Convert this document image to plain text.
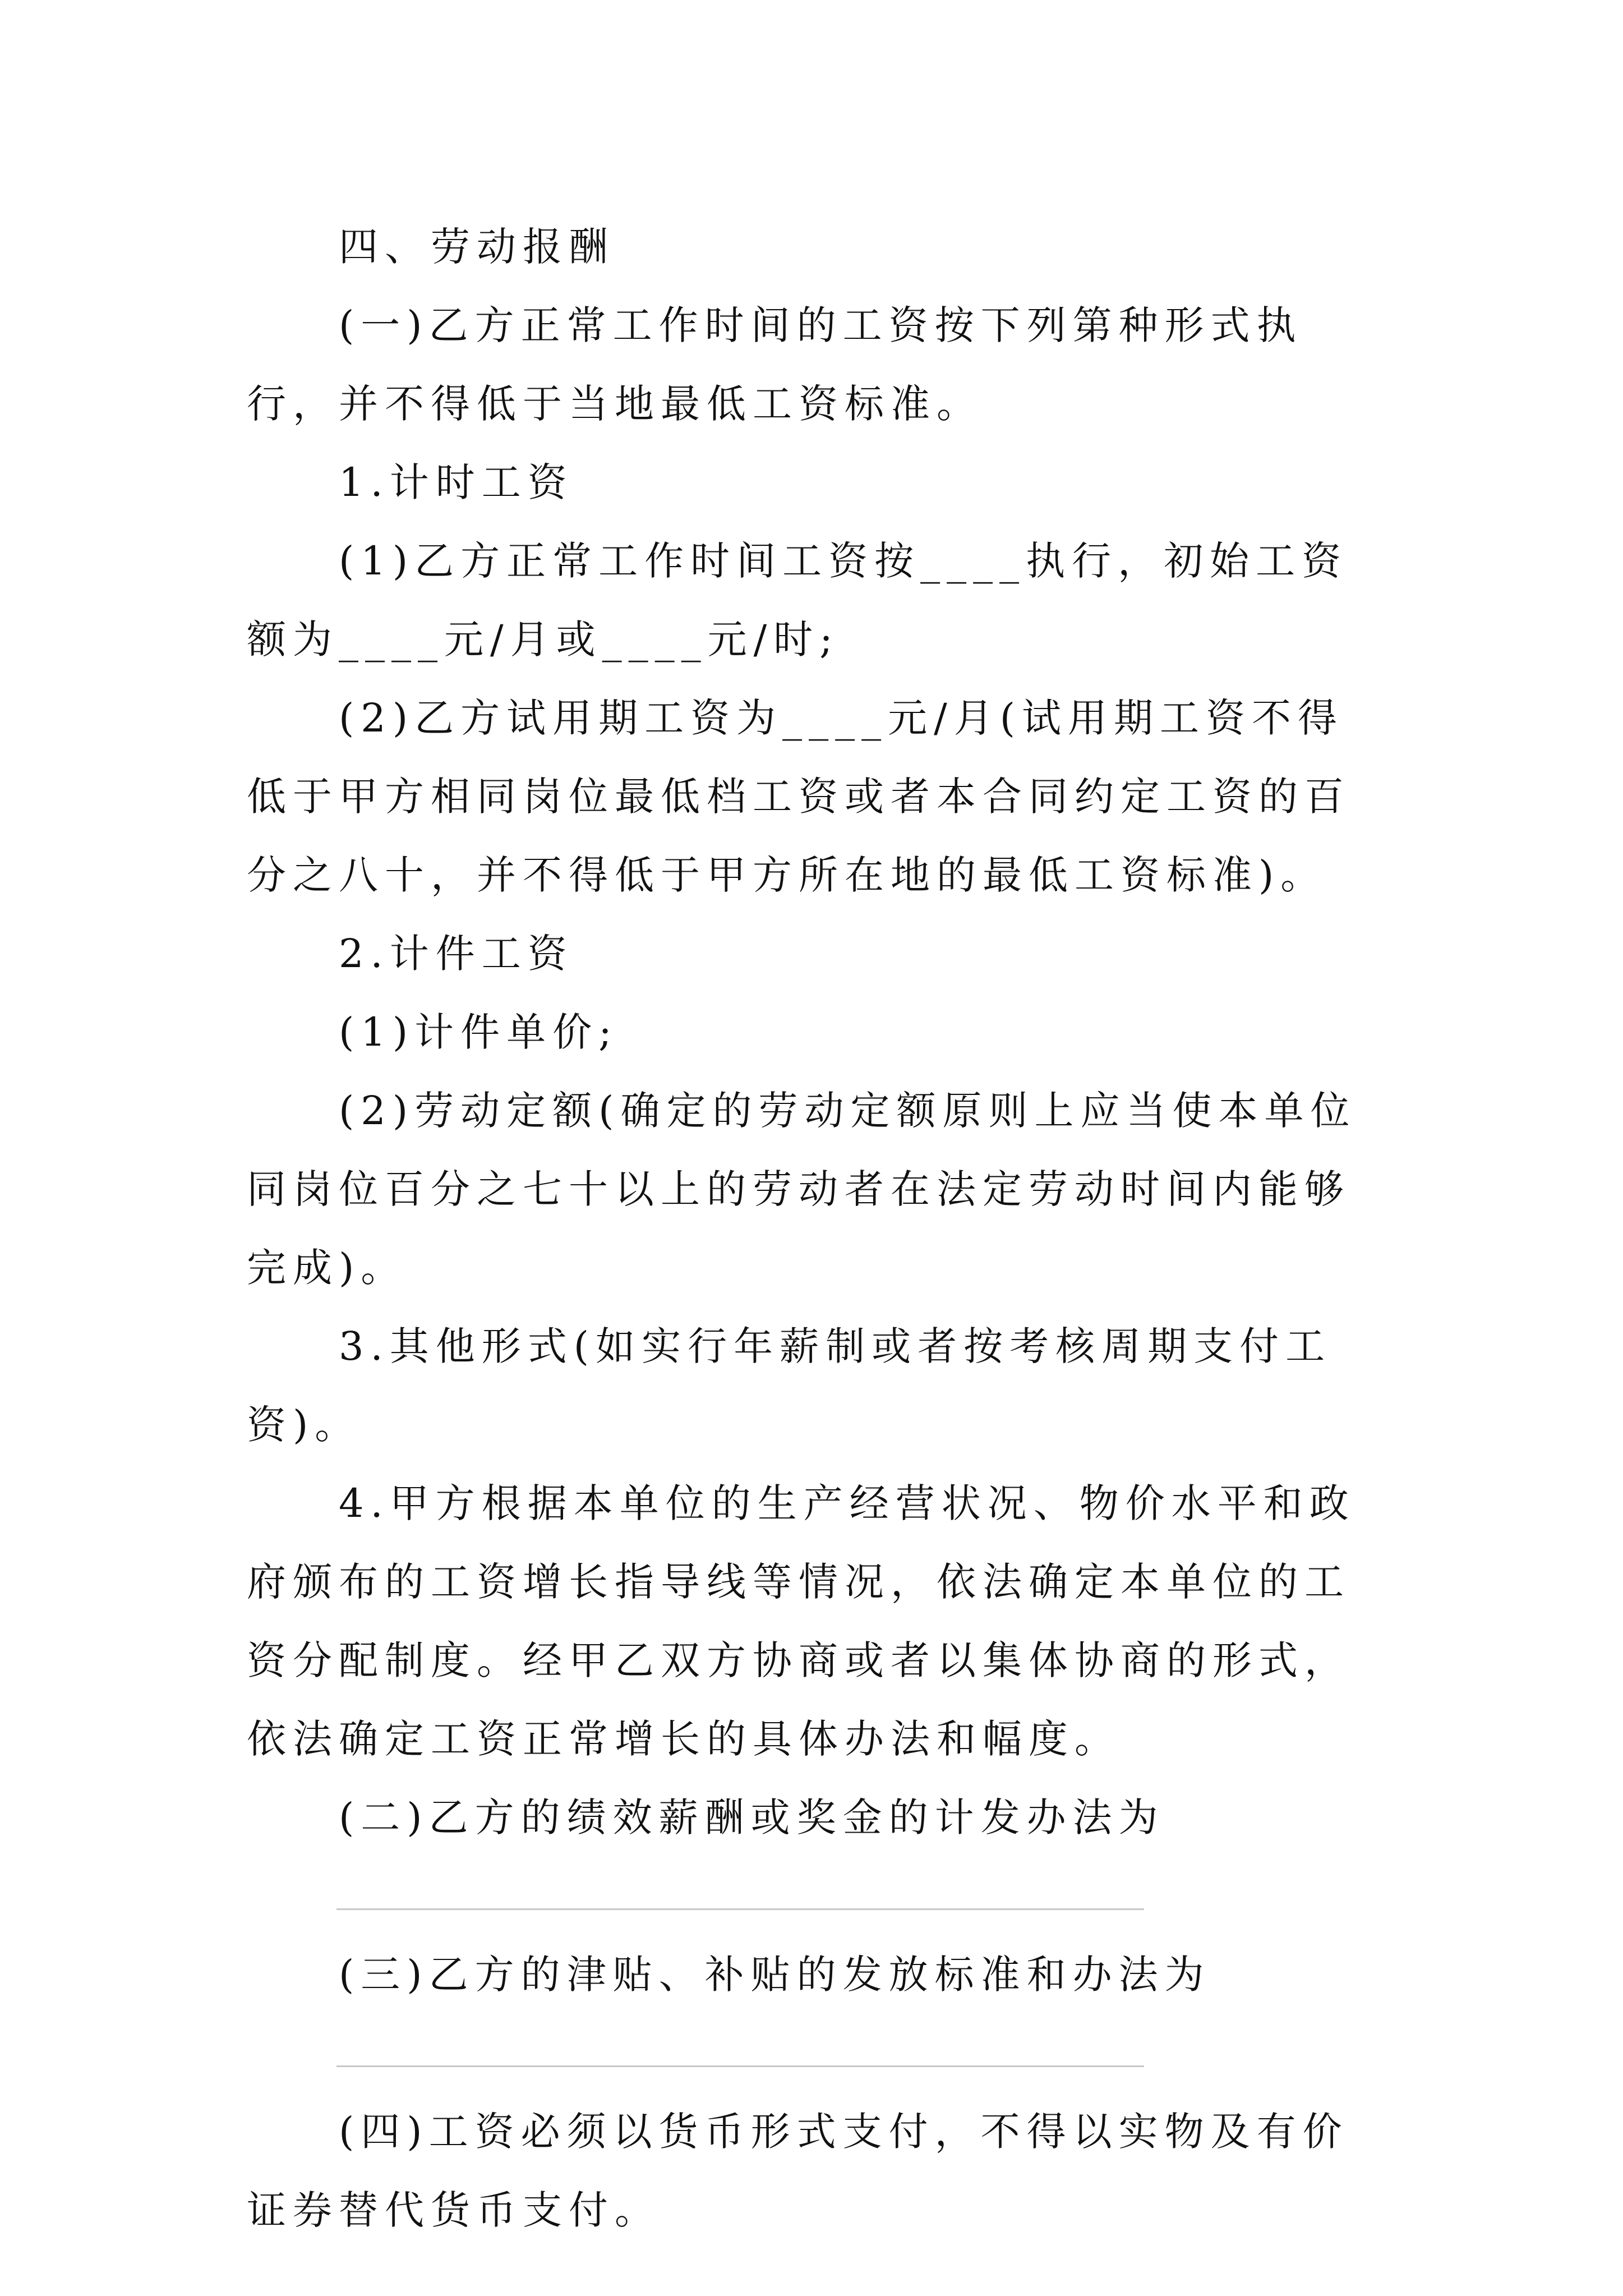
四、劳动报酬

(一)乙方正常工作时间的工资按下列第种形式执行，并不得低于当地最低工资标准。

1.计时工资

(1)乙方正常工作时间工资按____执行，初始工资额为____元/月或____元/时;

(2)乙方试用期工资为____元/月(试用期工资不得低于甲方相同岗位最低档工资或者本合同约定工资的百分之八十，并不得低于甲方所在地的最低工资标准)。

2.计件工资

(1)计件单价;

(2)劳动定额(确定的劳动定额原则上应当使本单位同岗位百分之七十以上的劳动者在法定劳动时间内能够完成)。

3.其他形式(如实行年薪制或者按考核周期支付工资)。

4.甲方根据本单位的生产经营状况、物价水平和政府颁布的工资增长指导线等情况，依法确定本单位的工资分配制度。经甲乙双方协商或者以集体协商的形式，依法确定工资正常增长的具体办法和幅度。

(二)乙方的绩效薪酬或奖金的计发办法为

(三)乙方的津贴、补贴的发放标准和办法为

(四)工资必须以货币形式支付，不得以实物及有价证券替代货币支付。
